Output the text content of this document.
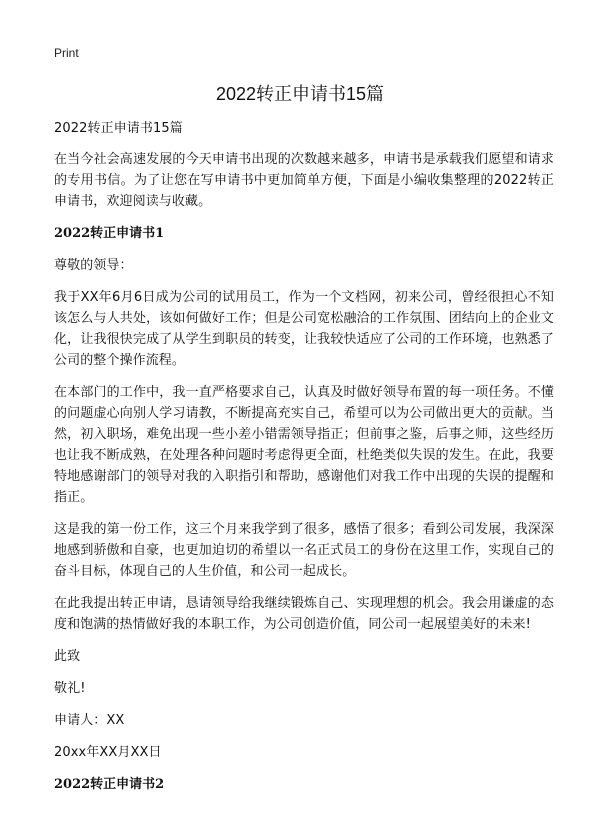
Print
2022转正申请书15篇

2022转正申请书15篇

在当今社会高速发展的今天申请书出现的次数越来越多，申请书是承载我们愿望和请求的专用书信。为了让您在写申请书中更加简单方便，下面是小编收集整理的2022转正申请书，欢迎阅读与收藏。

2022转正申请书1

尊敬的领导：

我于XX年6月6日成为公司的试用员工，作为一个文档网，初来公司，曾经很担心不知该怎么与人共处，该如何做好工作；但是公司宽松融洽的工作氛围、团结向上的企业文化，让我很快完成了从学生到职员的转变，让我较快适应了公司的工作环境，也熟悉了公司的整个操作流程。

在本部门的工作中，我一直严格要求自己，认真及时做好领导布置的每一项任务。不懂的问题虚心向别人学习请教，不断提高充实自己，希望可以为公司做出更大的贡献。当然，初入职场，难免出现一些小差小错需领导指正；但前事之鉴，后事之师，这些经历也让我不断成熟，在处理各种问题时考虑得更全面，杜绝类似失误的发生。在此，我要特地感谢部门的领导对我的入职指引和帮助，感谢他们对我工作中出现的失误的提醒和指正。

这是我的第一份工作，这三个月来我学到了很多，感悟了很多；看到公司发展，我深深地感到骄傲和自豪，也更加迫切的希望以一名正式员工的身份在这里工作，实现自己的奋斗目标，体现自己的人生价值，和公司一起成长。

在此我提出转正申请，恳请领导给我继续锻炼自己、实现理想的机会。我会用谦虚的态度和饱满的热情做好我的本职工作，为公司创造价值，同公司一起展望美好的未来!

此致

敬礼!

申请人：XX

20xx年XX月XX日

2022转正申请书2
